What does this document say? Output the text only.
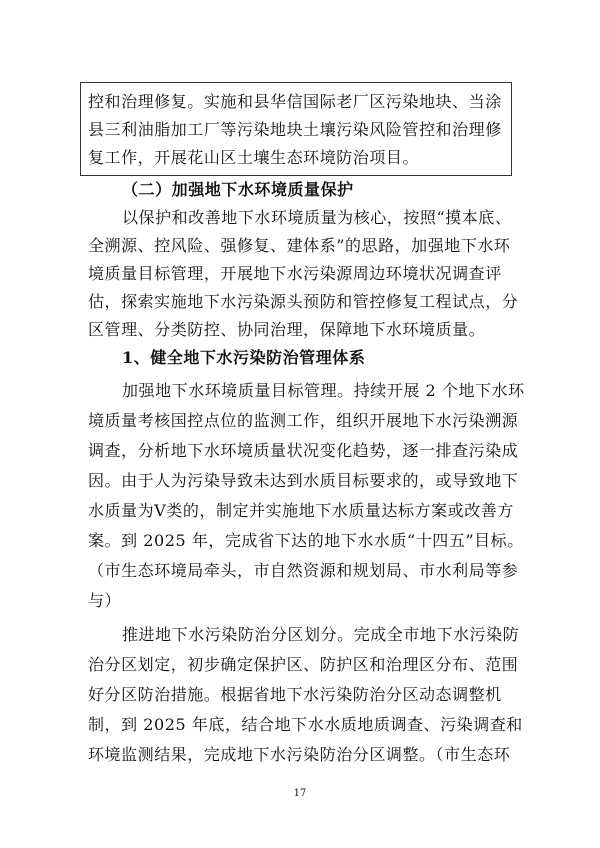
控和治理修复。实施和县华信国际老厂区污染地块、当涂
县三利油脂加工厂等污染地块土壤污染风险管控和治理修
复工作，开展花山区土壤生态环境防治项目。
（二）加强地下水环境质量保护
以保护和改善地下水环境质量为核心，按照“摸本底、
全溯源、控风险、强修复、建体系”的思路，加强地下水环
境质量目标管理，开展地下水污染源周边环境状况调查评
估，探索实施地下水污染源头预防和管控修复工程试点，分
区管理、分类防控、协同治理，保障地下水环境质量。
1、健全地下水污染防治管理体系
加强地下水环境质量目标管理。持续开展 2 个地下水环
境质量考核国控点位的监测工作，组织开展地下水污染溯源
调查，分析地下水环境质量状况变化趋势，逐一排查污染成
因。由于人为污染导致未达到水质目标要求的，或导致地下
水质量为Ⅴ类的，制定并实施地下水质量达标方案或改善方
案。到 2025 年，完成省下达的地下水水质“十四五”目标。
（市生态环境局牵头，市自然资源和规划局、市水利局等参
与）
推进地下水污染防治分区划分。完成全市地下水污染防
治分区划定，初步确定保护区、防护区和治理区分布、范围
好分区防治措施。根据省地下水污染防治分区动态调整机
制，到 2025 年底，结合地下水水质地质调查、污染调查和
环境监测结果，完成地下水污染防治分区调整。（市生态环
17
